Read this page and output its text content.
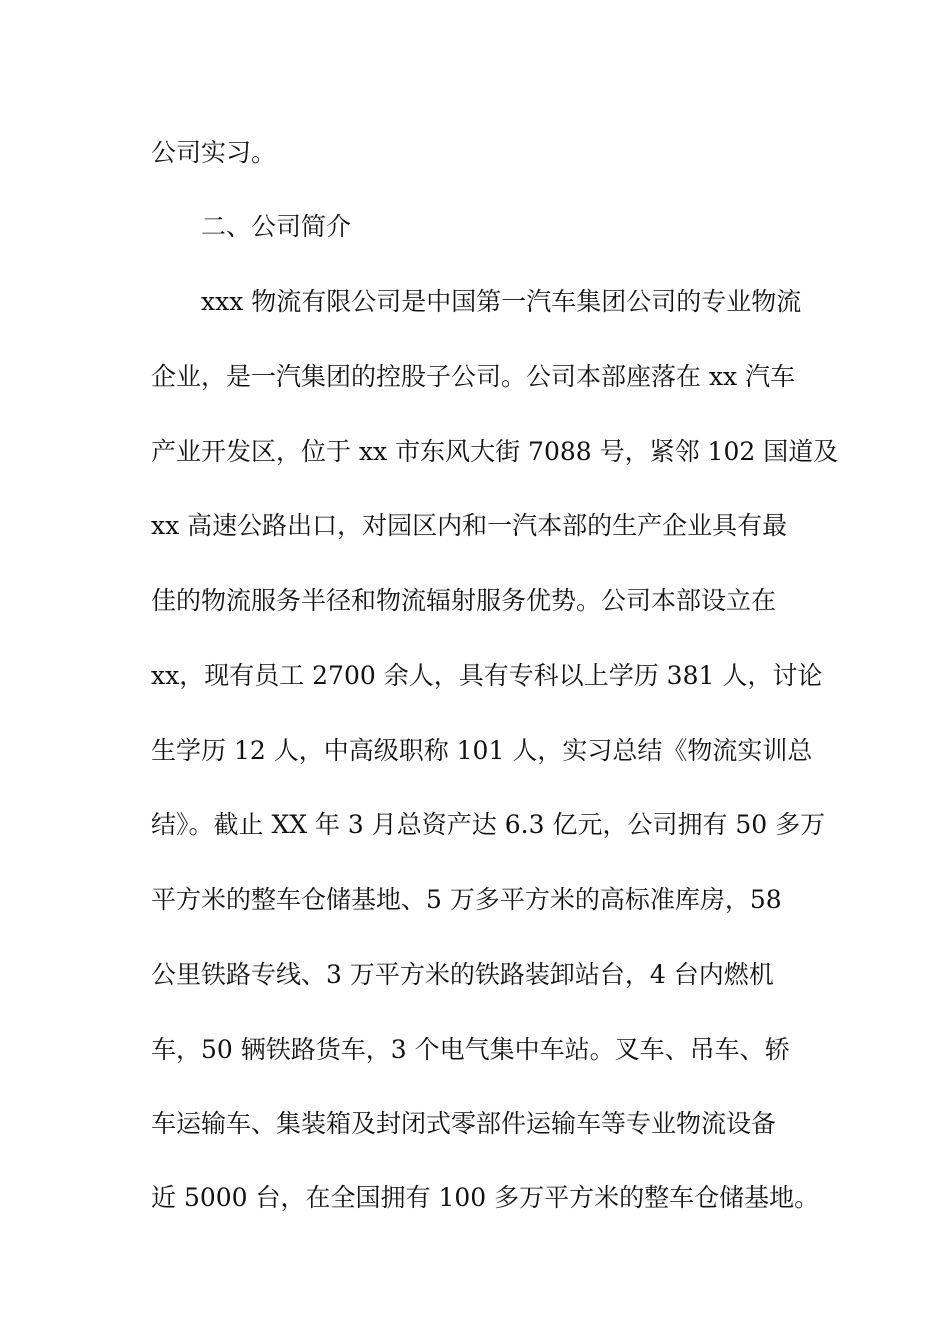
公司实习。
二、公司简介
xxx 物流有限公司是中国第一汽车集团公司的专业物流
企业，是一汽集团的控股子公司。公司本部座落在 xx 汽车
产业开发区，位于 xx 市东风大街 7088 号，紧邻 102 国道及
xx 高速公路出口，对园区内和一汽本部的生产企业具有最
佳的物流服务半径和物流辐射服务优势。公司本部设立在
xx，现有员工 2700 余人，具有专科以上学历 381 人，讨论
生学历 12 人，中高级职称 101 人，实习总结《物流实训总
结》。截止 XX 年 3 月总资产达 6.3 亿元，公司拥有 50 多万
平方米的整车仓储基地、5 万多平方米的高标准库房，58
公里铁路专线、3 万平方米的铁路装卸站台，4 台内燃机
车，50 辆铁路货车，3 个电气集中车站。叉车、吊车、轿
车运输车、集装箱及封闭式零部件运输车等专业物流设备
近 5000 台，在全国拥有 100 多万平方米的整车仓储基地。
